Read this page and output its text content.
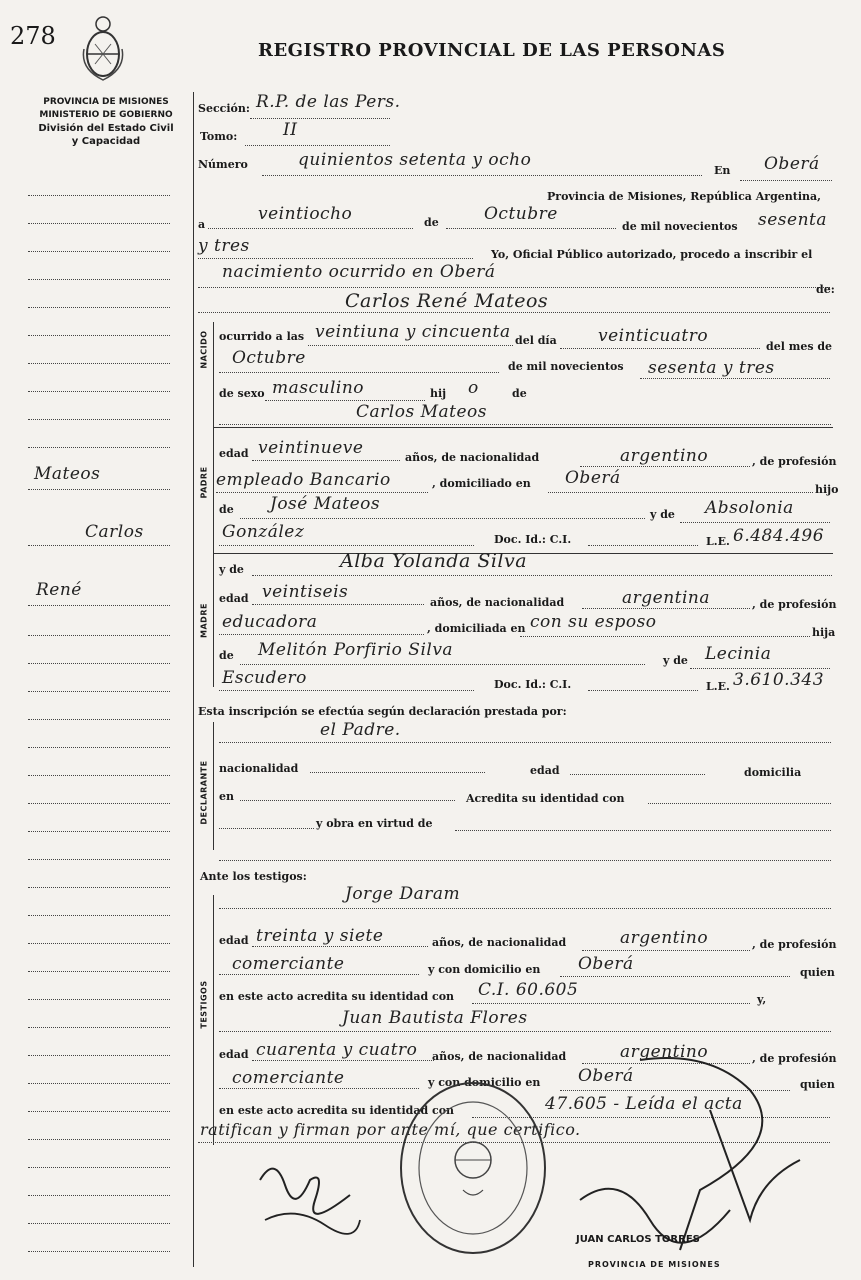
278
REGISTRO PROVINCIAL DE LAS PERSONAS
PROVINCIA DE MISIONES
MINISTERIO DE GOBIERNO
División del Estado Civil
y Capacidad
NACIDO
PADRE
MADRE
DECLARANTE
TESTIGOS
Mateos
Carlos
René
Sección: R.P. de las Pers.
Tomo:	II
Número	quinientos setenta y ocho
En Oberá
Provincia de Misiones, República Argentina,
a
veintiocho	de	Octubre
de mil novecientos sesenta
y tres	Yo, Oficial Público autorizado, procedo a inscribir el
nacimiento ocurrido en Oberá
de:
Carlos René Mateos
ocurrido a las veintiuna y cincuenta del día veinticuatro
del mes de
Octubre	de mil novecientos sesenta y tres
de sexo masculino	hij o	de
Carlos Mateos
edad veintinueve	años, de nacionalidad	argentino	, de profesión
empleado Bancario	, domiciliado en Oberá
hijo
de José Mateos
y de Absolonia
González	Doc. Id.: C.I.	L.E. 6.484.496
y de	Alba Yolanda Silva
edad veintiseis
años, de nacionalidad	argentina	, de profesión
educadora	, domiciliada en con su esposo
hija
de Melitón Porfirio Silva
y de Lecinia
Escudero	Doc. Id.: C.I.	L.E. 3.610.343
Esta inscripción se efectúa según declaración prestada por:
el Padre.
nacionalidad	edad	domicilia
en	Acredita su identidad con
y obra en virtud de
Ante los testigos:
Jorge Daram
edad treinta y siete	años, de nacionalidad	argentino	, de profesión
comerciante	y con domicilio en Oberá	quien
en este acto acredita su identidad con C.I. 60.605	y,
Juan Bautista Flores
edad cuarenta y cuatro años, de nacionalidad	argentino	, de profesión
comerciante	y con domicilio en Oberá	quien
en este acto acredita su identidad con	47.605 - Leída el acta
ratifican y firman por ante mí, que certifico.
JUAN CARLOS TORRES
PROVINCIA DE MISIONES
